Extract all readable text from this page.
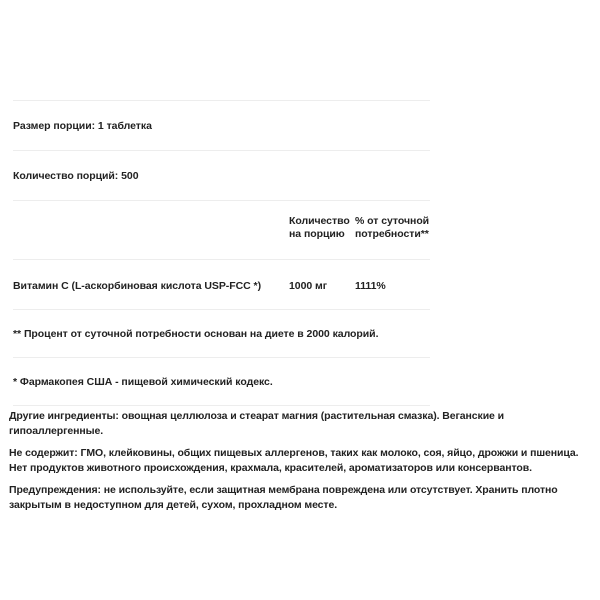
Размер порции: 1 таблетка
Количество порций: 500
Количество на порцию
% от суточной потребности**
Витамин С (L-аскорбиновая кислота USP-FCC *)	1000 мг	1111%
** Процент от суточной потребности основан на диете в 2000 калорий.
* Фармакопея США - пищевой химический кодекс.

Другие ингредиенты: овощная целлюлоза и стеарат магния (растительная смазка). Веганские и гипоаллергенные.

Не содержит: ГМО, клейковины, общих пищевых аллергенов, таких как молоко, соя, яйцо, дрожжи и пшеница. Нет продуктов животного происхождения, крахмала, красителей, ароматизаторов или консервантов.

Предупреждения: не используйте, если защитная мембрана повреждена или отсутствует. Хранить плотно закрытым в недоступном для детей, сухом, прохладном месте.
